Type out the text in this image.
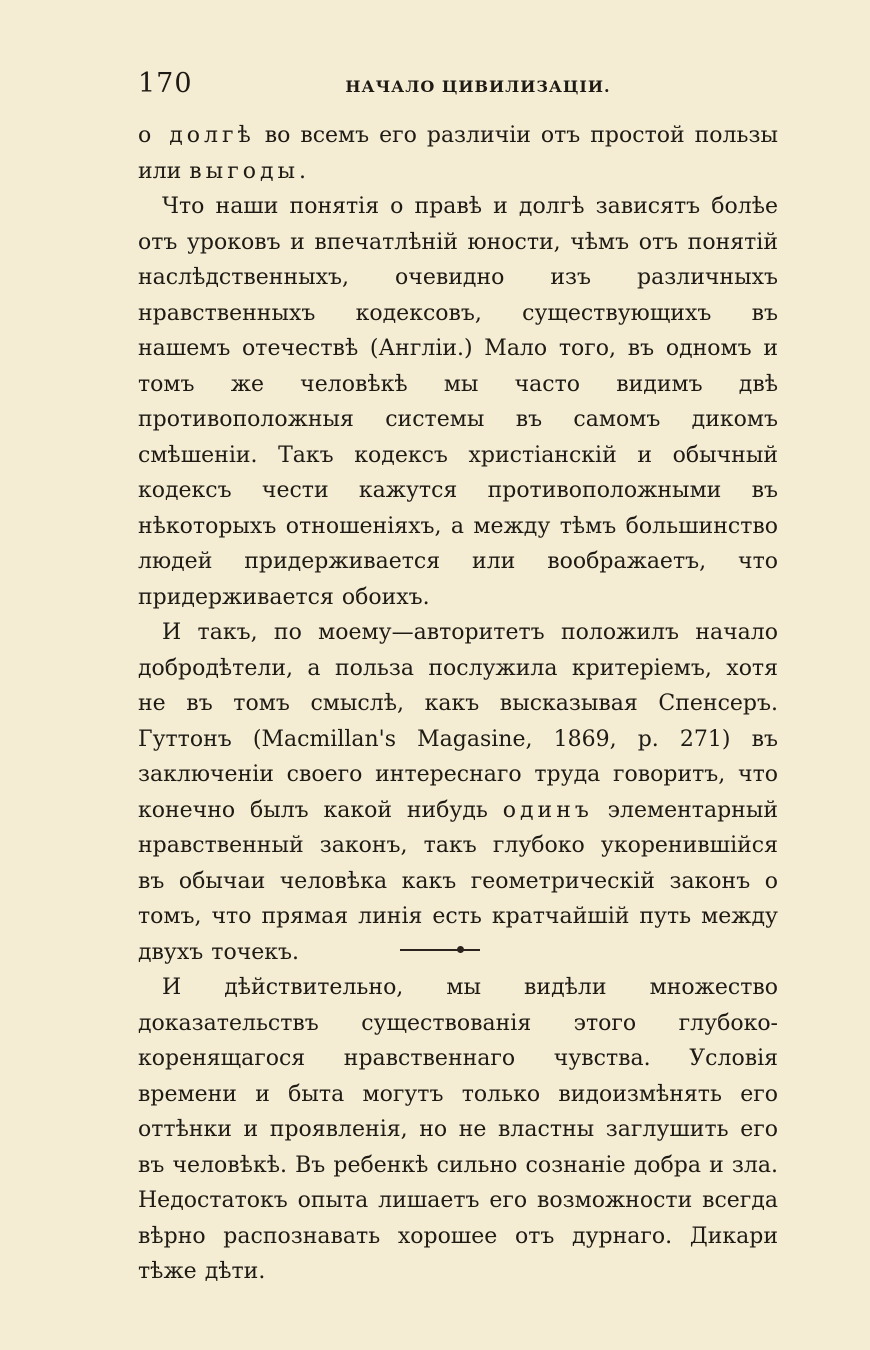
170	НАЧАЛО ЦИВИЛИЗАЦІИ.

о долгѣ во всемъ его различіи отъ простой пользы или выгоды.

Что наши понятія о правѣ и долгѣ зависятъ болѣе отъ уроковъ и впечатлѣній юности, чѣмъ отъ понятій наслѣдственныхъ, очевидно изъ различныхъ нравственныхъ кодексовъ, существующихъ въ нашемъ отечествѣ (Англіи.) Мало того, въ одномъ и томъ же человѣкѣ мы часто видимъ двѣ противоположныя системы въ самомъ дикомъ смѣшеніи. Такъ кодексъ христіанскій и обычный кодексъ чести кажутся противоположными въ нѣкоторыхъ отношеніяхъ, а между тѣмъ большинство людей придерживается или воображаетъ, что придерживается обоихъ.

И такъ, по моему—авторитетъ положилъ начало добродѣтели, а польза послужила критеріемъ, хотя не въ томъ смыслѣ, какъ высказывая Спенсеръ. Гуттонъ (Macmillan's Magasine, 1869, p. 271) въ заключеніи своего интереснаго труда говоритъ, что конечно былъ какой нибудь одинъ элементарный нравственный законъ, такъ глубоко укоренившійся въ обычаи человѣка какъ геометрическій законъ о томъ, что прямая линія есть кратчайшій путь между двухъ точекъ.

И дѣйствительно, мы видѣли множество доказательствъ существованія этого глубоко-коренящагося нравственнаго чувства. Условія времени и быта могутъ только видоизмѣнять его оттѣнки и проявленія, но не властны заглушить его въ человѣкѣ. Въ ребенкѣ сильно сознаніе добра и зла. Недостатокъ опыта лишаетъ его возможности всегда вѣрно распознавать хорошее отъ дурнаго. Дикари тѣже дѣти.
